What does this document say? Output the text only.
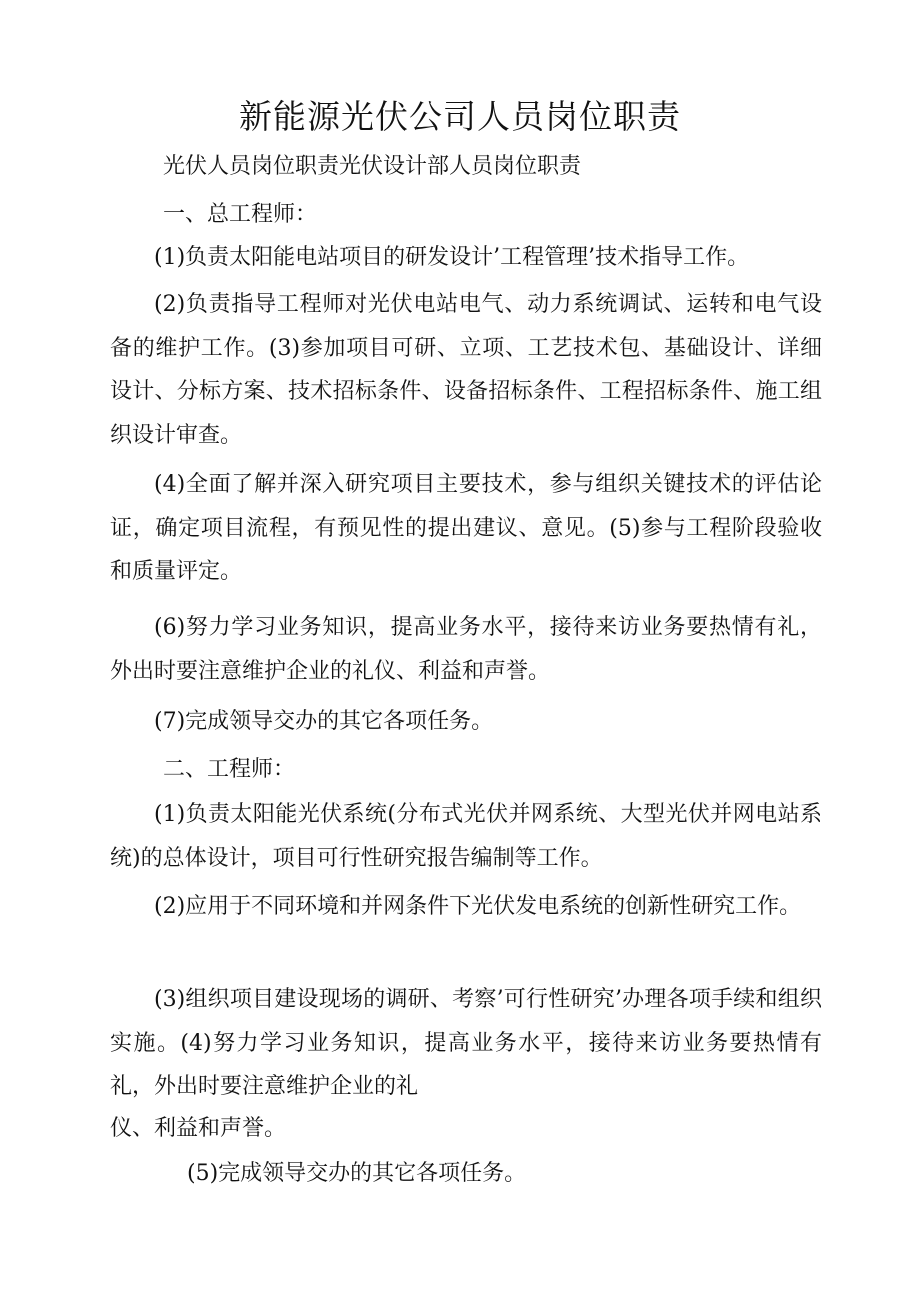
新能源光伏公司人员岗位职责

光伏人员岗位职责光伏设计部人员岗位职责

一、总工程师：

(1)负责太阳能电站项目的研发设计’工程管理’技术指导工作。

(2)负责指导工程师对光伏电站电气、动力系统调试、运转和电气设备的维护工作。(3)参加项目可研、立项、工艺技术包、基础设计、详细设计、分标方案、技术招标条件、设备招标条件、工程招标条件、施工组织设计审查。

(4)全面了解并深入研究项目主要技术，参与组织关键技术的评估论证，确定项目流程，有预见性的提出建议、意见。(5)参与工程阶段验收和质量评定。

(6)努力学习业务知识，提高业务水平，接待来访业务要热情有礼，外出时要注意维护企业的礼仪、利益和声誉。

(7)完成领导交办的其它各项任务。

二、工程师：

(1)负责太阳能光伏系统(分布式光伏并网系统、大型光伏并网电站系统)的总体设计，项目可行性研究报告编制等工作。

(2)应用于不同环境和并网条件下光伏发电系统的创新性研究工作。

(3)组织项目建设现场的调研、考察’可行性研究’办理各项手续和组织实施。(4)努力学习业务知识，提高业务水平，接待来访业务要热情有礼，外出时要注意维护企业的礼

仪、利益和声誉。

(5)完成领导交办的其它各项任务。
